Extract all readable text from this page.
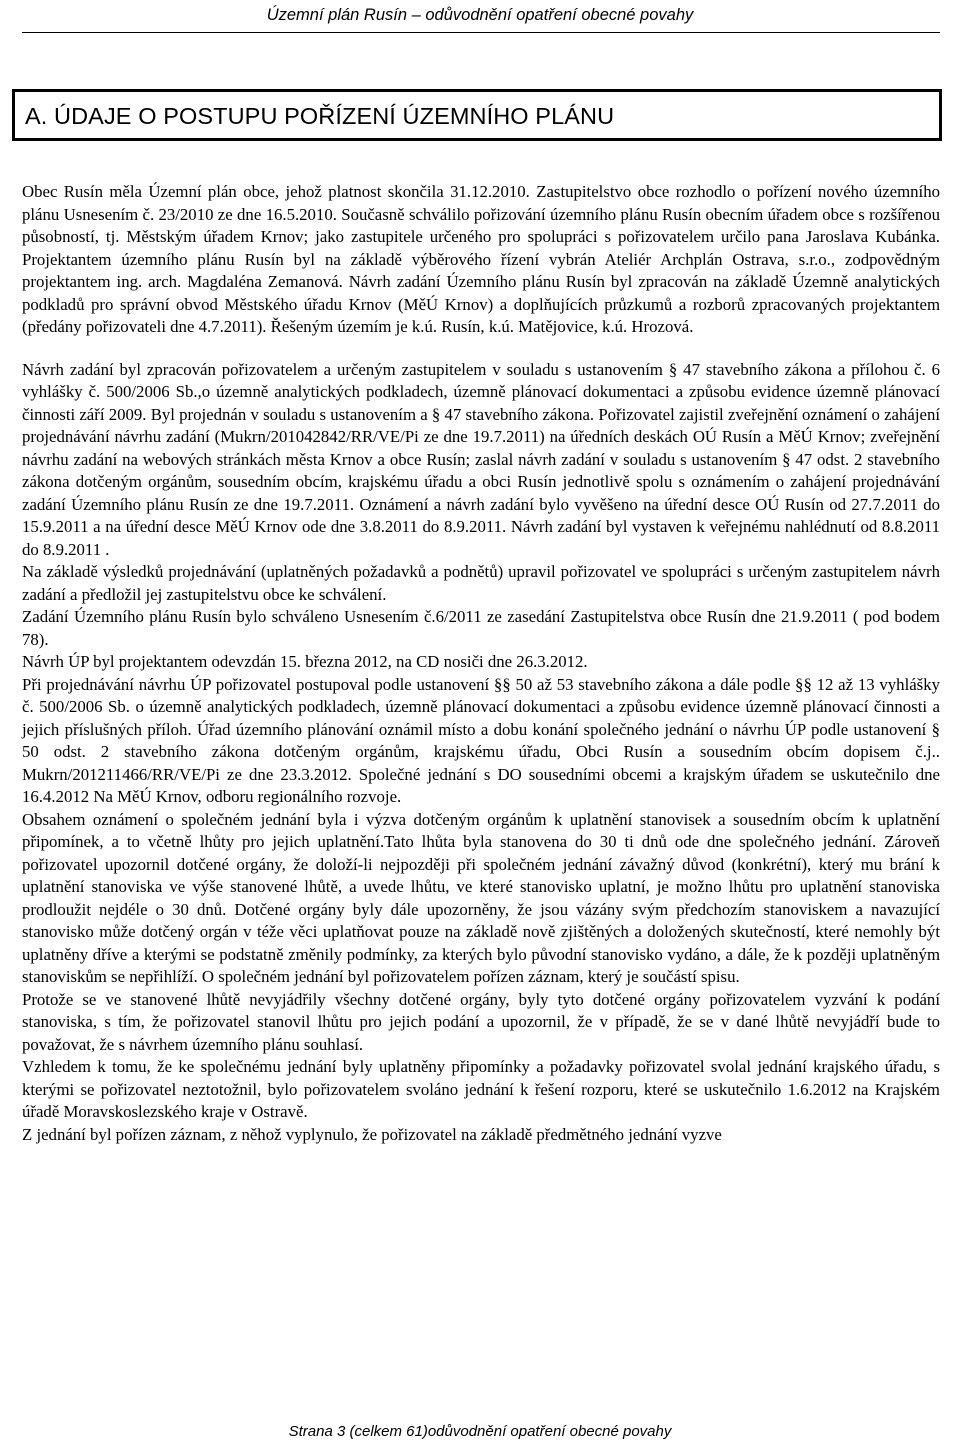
Územní plán Rusín – odůvodnění opatření obecné povahy
A. ÚDAJE O POSTUPU POŘÍZENÍ ÚZEMNÍHO PLÁNU

Obec Rusín měla Územní plán obce, jehož platnost skončila 31.12.2010. Zastupitelstvo obce rozhodlo o pořízení nového územního plánu Usnesením č. 23/2010 ze dne 16.5.2010. Současně schválilo pořizování územního plánu Rusín obecním úřadem obce s rozšířenou působností, tj. Městským úřadem Krnov; jako zastupitele určeného pro spolupráci s pořizovatelem určilo pana Jaroslava Kubánka. Projektantem územního plánu Rusín byl na základě výběrového řízení vybrán Ateliér Archplán Ostrava, s.r.o., zodpovědným projektantem ing. arch. Magdaléna Zemanová. Návrh zadání Územního plánu Rusín byl zpracován na základě Územně analytických podkladů pro správní obvod Městského úřadu Krnov (MěÚ Krnov) a doplňujících průzkumů a rozborů zpracovaných projektantem (předány pořizovateli dne 4.7.2011). Řešeným územím je k.ú. Rusín, k.ú. Matějovice, k.ú. Hrozová.

Návrh zadání byl zpracován pořizovatelem a určeným zastupitelem v souladu s ustanovením § 47 stavebního zákona a přílohou č. 6 vyhlášky č. 500/2006 Sb.,o územně analytických podkladech, územně plánovací dokumentaci a způsobu evidence územně plánovací činnosti září 2009. Byl projednán v souladu s ustanovením a § 47 stavebního zákona. Pořizovatel zajistil zveřejnění oznámení o zahájení projednávání návrhu zadání (Mukrn/201042842/RR/VE/Pi ze dne 19.7.2011) na úředních deskách OÚ Rusín a MěÚ Krnov; zveřejnění návrhu zadání na webových stránkách města Krnov a obce Rusín; zaslal návrh zadání v souladu s ustanovením § 47 odst. 2 stavebního zákona dotčeným orgánům, sousedním obcím, krajskému úřadu a obci Rusín jednotlivě spolu s oznámením o zahájení projednávání zadání Územního plánu Rusín ze dne 19.7.2011. Oznámení a návrh zadání bylo vyvěšeno na úřední desce OÚ Rusín od 27.7.2011 do 15.9.2011 a na úřední desce MěÚ Krnov ode dne 3.8.2011 do 8.9.2011. Návrh zadání byl vystaven k veřejnému nahlédnutí od 8.8.2011 do 8.9.2011 .

Na základě výsledků projednávání (uplatněných požadavků a podnětů) upravil pořizovatel ve spolupráci s určeným zastupitelem návrh zadání a předložil jej zastupitelstvu obce ke schválení.

Zadání Územního plánu Rusín bylo schváleno Usnesením č.6/2011 ze zasedání Zastupitelstva obce Rusín dne 21.9.2011 ( pod bodem 78).

Návrh ÚP byl projektantem odevzdán 15. března 2012, na CD nosiči dne 26.3.2012.

Při projednávání návrhu ÚP pořizovatel postupoval podle ustanovení §§ 50 až 53 stavebního zákona a dále podle §§ 12 až 13 vyhlášky č. 500/2006 Sb. o územně analytických podkladech, územně plánovací dokumentaci a způsobu evidence územně plánovací činnosti a jejich příslušných příloh. Úřad územního plánování oznámil místo a dobu konání společného jednání o návrhu ÚP podle ustanovení § 50 odst. 2 stavebního zákona dotčeným orgánům, krajskému úřadu, Obci Rusín a sousedním obcím dopisem č.j.. Mukrn/201211466/RR/VE/Pi ze dne 23.3.2012. Společné jednání s DO sousedními obcemi a krajským úřadem se uskutečnilo dne 16.4.2012 Na MěÚ Krnov, odboru regionálního rozvoje.

Obsahem oznámení o společném jednání byla i výzva dotčeným orgánům k uplatnění stanovisek a sousedním obcím k uplatnění připomínek, a to včetně lhůty pro jejich uplatnění.Tato lhůta byla stanovena do 30 ti dnů ode dne společného jednání. Zároveň pořizovatel upozornil dotčené orgány, že doloží-li nejpozději při společném jednání závažný důvod (konkrétní), který mu brání k uplatnění stanoviska ve výše stanovené lhůtě, a uvede lhůtu, ve které stanovisko uplatní, je možno lhůtu pro uplatnění stanoviska prodloužit nejdéle o 30 dnů. Dotčené orgány byly dále upozorněny, že jsou vázány svým předchozím stanoviskem a navazující stanovisko může dotčený orgán v téže věci uplatňovat pouze na základě nově zjištěných a doložených skutečností, které nemohly být uplatněny dříve a kterými se podstatně změnily podmínky, za kterých bylo původní stanovisko vydáno, a dále, že k později uplatněným stanoviskům se nepřihlíží. O společném jednání byl pořizovatelem pořízen záznam, který je součástí spisu.

Protože se ve stanovené lhůtě nevyjádřily všechny dotčené orgány, byly tyto dotčené orgány pořizovatelem vyzvání k podání stanoviska, s tím, že pořizovatel stanovil lhůtu pro jejich podání a upozornil, že v případě, že se v dané lhůtě nevyjádří bude to považovat, že s návrhem územního plánu souhlasí.

Vzhledem k tomu, že ke společnému jednání byly uplatněny připomínky a požadavky pořizovatel svolal jednání krajského úřadu, s kterými se pořizovatel neztotožnil, bylo pořizovatelem svoláno jednání k řešení rozporu, které se uskutečnilo 1.6.2012 na Krajském úřadě Moravskoslezského kraje v Ostravě.

Z jednání byl pořízen záznam, z něhož vyplynulo, že pořizovatel na základě předmětného jednání vyzve

Strana 3 (celkem 61)odůvodnění opatření obecné povahy
